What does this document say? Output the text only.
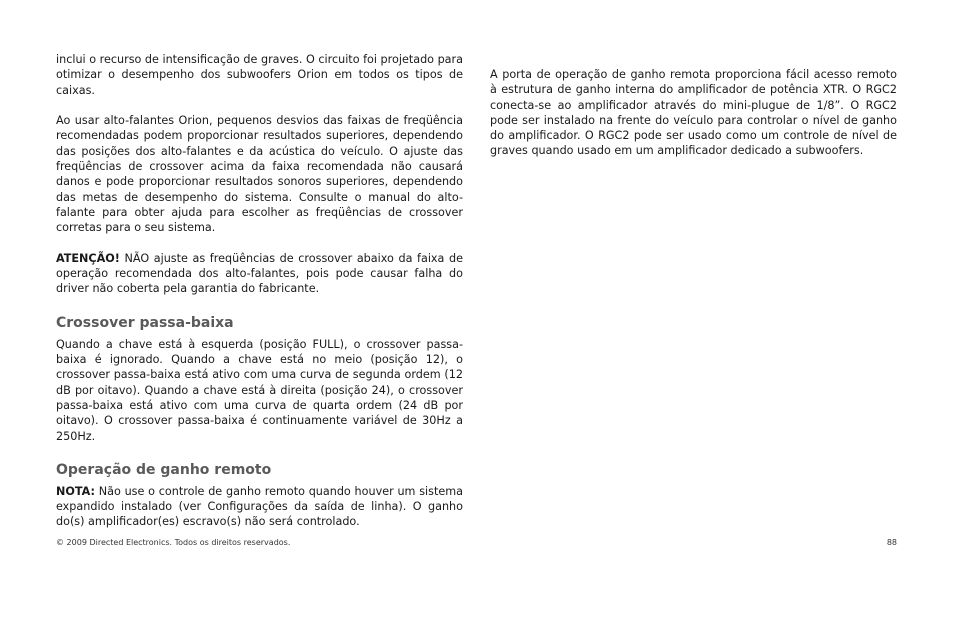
inclui o recurso de intensificação de graves. O circuito foi projetado para otimizar o desempenho dos subwoofers Orion em todos os tipos de caixas.

Ao usar alto-falantes Orion, pequenos desvios das faixas de freqüência recomendadas podem proporcionar resultados superiores, dependendo das posições dos alto-falantes e da acústica do veículo. O ajuste das freqüências de crossover acima da faixa recomendada não causará danos e pode proporcionar resultados sonoros superiores, dependendo das metas de desempenho do sistema. Consulte o manual do alto-falante para obter ajuda para escolher as freqüências de crossover corretas para o seu sistema.

ATENÇÃO! NÃO ajuste as freqüências de crossover abaixo da faixa de operação recomendada dos alto-falantes, pois pode causar falha do driver não coberta pela garantia do fabricante.

Crossover passa-baixa

Quando a chave está à esquerda (posição FULL), o crossover passa-baixa é ignorado. Quando a chave está no meio (posição 12), o crossover passa-baixa está ativo com uma curva de segunda ordem (12 dB por oitavo). Quando a chave está à direita (posição 24), o crossover passa-baixa está ativo com uma curva de quarta ordem (24 dB por oitavo). O crossover passa-baixa é continuamente variável de 30Hz a 250Hz.

Operação de ganho remoto

NOTA: Não use o controle de ganho remoto quando houver um sistema expandido instalado (ver Configurações da saída de linha). O ganho do(s) amplificador(es) escravo(s) não será controlado.

A porta de operação de ganho remota proporciona fácil acesso remoto à estrutura de ganho interna do amplificador de potência XTR. O RGC2 conecta-se ao amplificador através do mini-plugue de 1/8”. O RGC2 pode ser instalado na frente do veículo para controlar o nível de ganho do amplificador. O RGC2 pode ser usado como um controle de nível de graves quando usado em um amplificador dedicado a subwoofers.

© 2009 Directed Electronics. Todos os direitos reservados.	88
